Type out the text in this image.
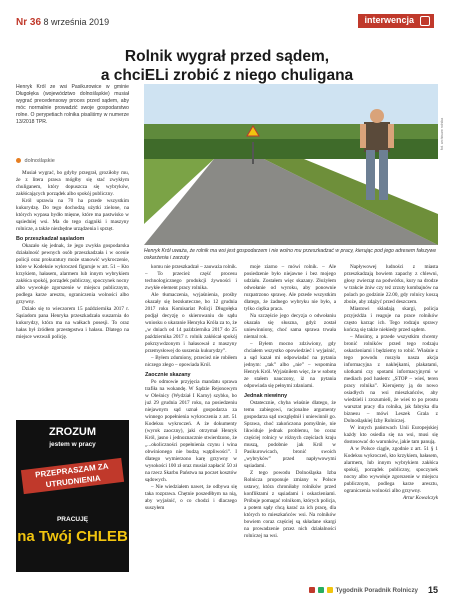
Nr 36 8 września 2019	interwencja
Rolnik wygrał przed sądem,
a chciELi zrobić z niego chuligana
Henryk Król ze wsi Pasikurowice w gminie Długołęka (województwo dolnośląskie) musiał wygrać precedensowy proces przed sądem, aby móc normalnie prowadzić swoje gospodarstwo rolne. O perypetiach rolnika pisaliśmy w numerze 13/2018 TPR.
dolnośląskie
fot. archiwum rolnika
Henryk Król uważa, że rolnik ma wsi jest gospodarzem i nie wolno mu przeszkadzać w pracy, kierując pod jego adresem fałszywe oskarżenia i zarzuty

Musiał wygrać, bo gdyby przegrał, groziłoby mu, że z litera prawa mógłby się stać zwykłym chuliganem, który dopuszcza się wybryków, zakłócających porządek albo spokój publiczny.

Król uprawia na 70 ha przede wszystkim kukurydzę. Do tego dochodzą użytki zielone, na których wypasa bydło mięsne, które ma pastwisko w sąsiedniej wsi. Ma do tego ciągniki i maszyny rolnicze, a także niezbędne urządzenia i sprzęt.

Bo przeszkadzał sąsiadom

Okazało się jednak, że jego zwykła gospodarska działalność pewnych osób przeszkadzała i w ocenie policji oraz prokuratury może stanowić wykroczenie, które w Kodeksie wykroczeń figuruje w art. 51 – Kto krzykiem, hałasem, alarmem lub innym wybrykiem zakłóca spokój, porządek publiczny, spoczynek nocny albo wywołuje zgorszenie w miejscu publicznym, podlega karze aresztu, ograniczenia wolności albo grzywny.

Działo się to wieczorem 15 października 2017 r. Sąsiadom pana Henryka przeszkadzała suszarnia do kukurydzy, która ma na wałkach posesji. To oraz hałas był źródłem przestępstwa i hałasu. Dlatego na miejsce wezwali policję.

ZROZUM
jestem w pracy
PRZEPRASZAM ZA UTRUDNIENIA
PRACUJĘ
na Twój CHLEB

komu nie przeszkadzał – zauważa rolnik. – To przecież część procesu technologicznego produkcji żywności i zwykłe element pracy rolnika.

Ale tłumaczenia, wyjaśnienia, prośby okazały się bezskuteczne, bo 12 grudnia 2017 roku Komisariat Policji Długołęka podjął decyzję o skierowaniu do sądu wniosku o ukaranie Henryka Króla za to, że „w dniach od 14 października 2017 do 25 października 2017 r. rolnik zakłócał spokój pokrzywdzonym i hałasował z maszyny przemysłowej do suszenia kukurydzy”.

– Byłem zdumiony, przecież nie robiłem niczego złego – opowiada Król.

Zaocznie skazany

Po odmowie przyjęcia mandatu sprawa trafiła na wokandę. W Sądzie Rejonowym w Oleśnicy (Wydział I Karny) szybko, bo już 29 grudnia 2017 roku, na posiedzeniu niejawnym sąd uznał gospodarza za winnego popełnienia wykroczenia z art. 51 Kodeksu wykroczeń. A że dokumenty (wyrok zaoczny), jaki otrzymał Henryk Król, jasno i jednoznacznie stwierdzono, że „...okoliczności popełnienia czynu i wina obwinionego nie budzą wątpliwości”. I dlatego wymierzono karę grzywny w wysokości 100 zł oraz musiał zapłacić 50 zł na rzecz Skarbu Państwa na poczet kosztów sądowych.

– Nie wiedziałem nawet, że odbywa się taka rozprawa. Chętnie poszedłbym na nią, aby wyjaśnić, o co chodzi i dlaczego suszyłem

moje ziarno – mówi rolnik. – Ale posiedzenie było niejawne i bez mojego udziału. Zostałem więc skazany. Złożyłem odwołanie od wyroku, aby ponownie rozpatrzono sprawę. Ale przede wszystkim dlatego, że żadnego wybryku nie było, a tylko ciężka praca.

Na szczęście jego decyzja o odwołaniu okazała się słuszna, gdyż został uniewinniony, choć sama sprawa trwała niemal rok.

– Byłem mocno zdziwiony, gdy chciałem wszystko opowiedzieć i wyjaśnić, a sąd kazał mi odpowiadać na pytania jednym: „tak” albo „nie” – wspomina Henryk Król. Wyjaśniłem więc, że w sobotę ze stałem nauczony, iż na pytania odpowiada się pełnymi zdaniami.

Jednak niewinny

Ostatecznie, chyba właśnie dlatego, że temu zabiegowi, racjonalne argumenty gospodarza sąd uwzględnił i uniewinnił go. Sprawa, choć zakończona pomyślnie, nie likwiduje jednak problemu, bo coraz częściej rolnicy w różnych częściach kraju muszą, podobnie jak Król w Pasikurowicach, bronić swoich „wybryków” przed napływowymi sąsiadami.

Z tego powodu Dolnośląska Izba Rolnicza proponuje zmiany w Polsce ustawy, która chroniłaby rolników przed konfliktami z sąsiadami i oskarżeniami. Próbuje pomagać rolnikom, których policja, a potem sądy chcą karać za ich pracę, dla których to mieszkańców wsi. Na rolników bowiem coraz częściej są składane skargi na prowadzenie przez nich działalności rolniczej na wsi.

Napływowej ludności z miasta przeszkadzają bowiem zapachy z chlewni, głosy zwierząt na podwórku, kury na drodze w trakcie żniw czy też zrzuty kombajnów na polach po godzinie 22.00, gdy rolnicy koszą zboże, aby zdążyć przed deszczem.

Miastowi składają skargi, policja przyjeżdża i reaguje na prace rolników często karząc ich. Tego rodzaju sprawy kończą się także niekiedy przed sądem.

– Musimy, a przede wszystkim chcemy bronić rolników przed tego rodzaju oskarżeniami i będziemy to robić. Właśnie z tego powodu ruszyła nasza akcja informacyjna z naklejkami, plakatami, ulotkami czy spotami informacyjnymi w mediach pod hasłem: „STOP – wieś, teren pracy rolnika”. Kierujemy ją do nowo osiadłych na wsi mieszkańców, aby wiedzieli i zrozumieli, że wieś to po prostu warsztat pracy dla rolnika, jak fabryka dla biznesu – mówi Leszek Grala z Dolnośląskiej Izby Rolniczej.

W innych państwach Unii Europejskiej każdy kto osiedla się na wsi, musi się dostosować do warunków, jakie tam panują.

A w Polsce ciągle, zgodnie z art. 51 § 1 Kodeksu wykroczeń, kto krzykiem, hałasem, alarmem, lub innym wybrykiem zakłóca spokój, porządek publiczny, spoczynek nocny albo wywołuje zgorszenie w miejscu publicznym, podlega karze aresztu, ograniczenia wolności albo grzywny.

Artur Kowalczyk

Tygodnik Poradnik Rolniczy 15
